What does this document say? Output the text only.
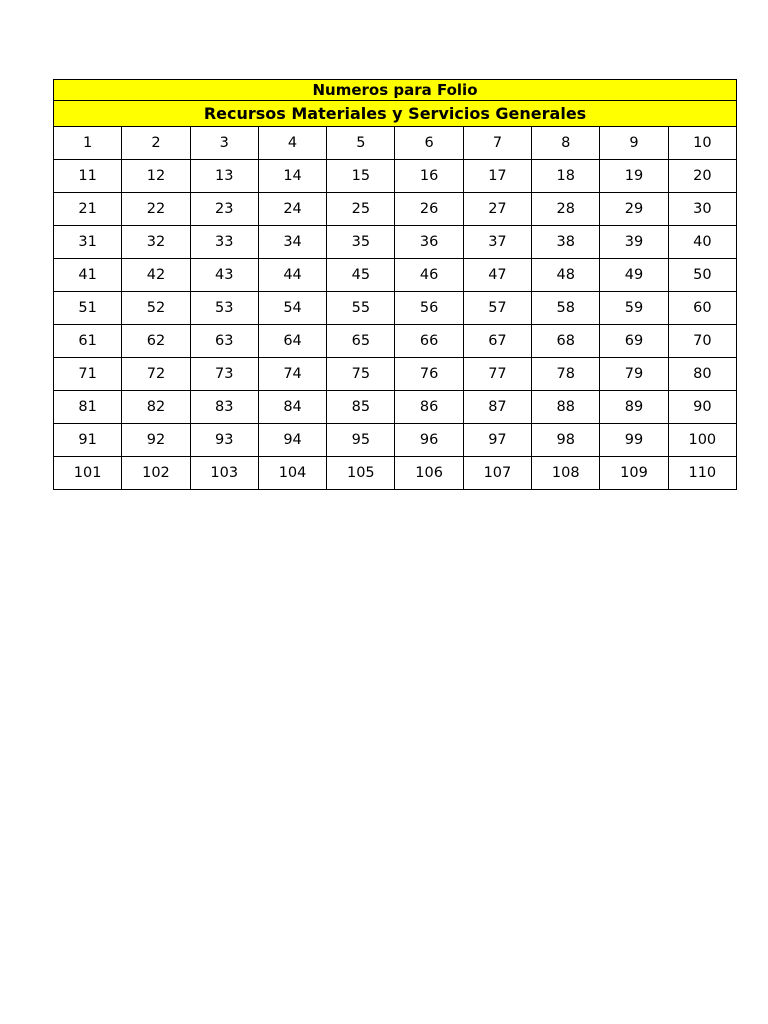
Numeros para Folio									
Recursos Materiales y Servicios Generales									
1	2	3	4	5	6	7	8	9	10
11	12	13	14	15	16	17	18	19	20
21	22	23	24	25	26	27	28	29	30
31	32	33	34	35	36	37	38	39	40
41	42	43	44	45	46	47	48	49	50
51	52	53	54	55	56	57	58	59	60
61	62	63	64	65	66	67	68	69	70
71	72	73	74	75	76	77	78	79	80
81	82	83	84	85	86	87	88	89	90
91	92	93	94	95	96	97	98	99	100
101	102	103	104	105	106	107	108	109	110
